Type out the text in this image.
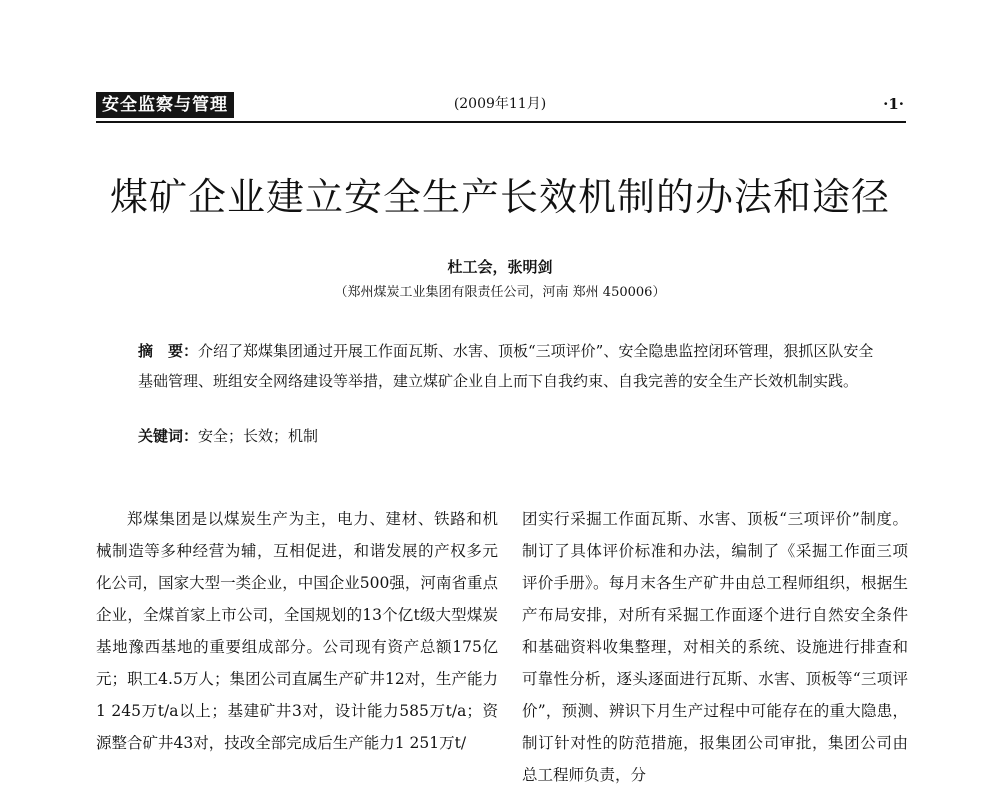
安全监察与管理	(2009年11月)	·1·
煤矿企业建立安全生产长效机制的办法和途径
杜工会，张明剑
（郑州煤炭工业集团有限责任公司，河南 郑州 450006）

摘　要：介绍了郑煤集团通过开展工作面瓦斯、水害、顶板“三项评价”、安全隐患监控闭环管理，狠抓区队安全基础管理、班组安全网络建设等举措，建立煤矿企业自上而下自我约束、自我完善的安全生产长效机制实践。

关键词：安全；长效；机制

郑煤集团是以煤炭生产为主，电力、建材、铁路和机械制造等多种经营为辅，互相促进，和谐发展的产权多元化公司，国家大型一类企业，中国企业500强，河南省重点企业，全煤首家上市公司，全国规划的13个亿t级大型煤炭基地豫西基地的重要组成部分。公司现有资产总额175亿元；职工4.5万人；集团公司直属生产矿井12对，生产能力1 245万t/a以上；基建矿井3对，设计能力585万t/a；资源整合矿井43对，技改全部完成后生产能力1 251万t/

团实行采掘工作面瓦斯、水害、顶板“三项评价”制度。制订了具体评价标准和办法，编制了《采掘工作面三项评价手册》。每月末各生产矿井由总工程师组织，根据生产布局安排，对所有采掘工作面逐个进行自然安全条件和基础资料收集整理，对相关的系统、设施进行排查和可靠性分析，逐头逐面进行瓦斯、水害、顶板等“三项评价”，预测、辨识下月生产过程中可能存在的重大隐患，制订针对性的防范措施，报集团公司审批，集团公司由总工程师负责，分
